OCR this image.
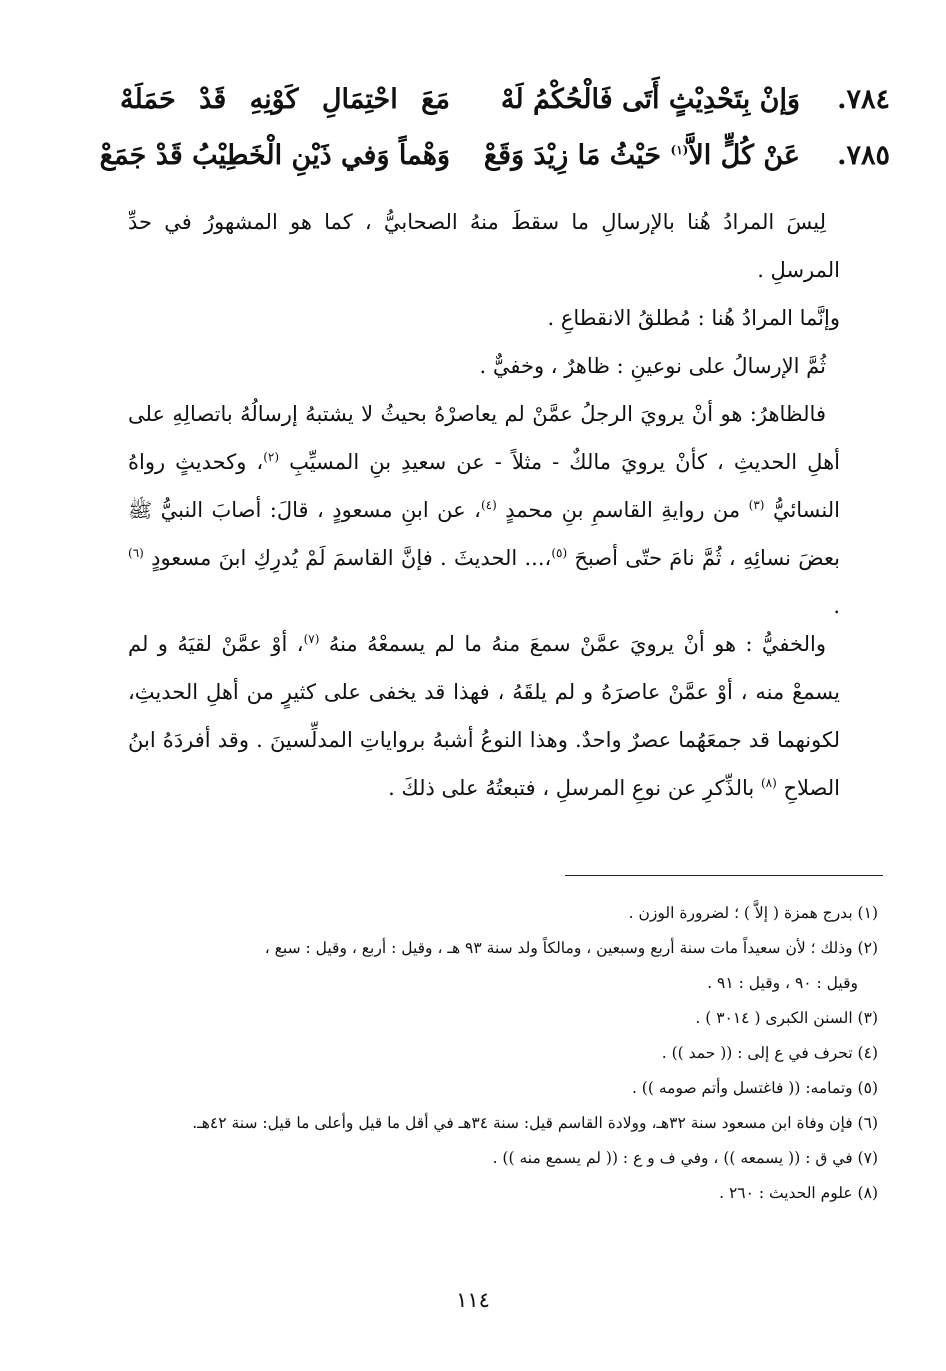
٧٨٤.
وَإنْ بِتَحْدِيْثٍ أَتَى فَالْحُكْمُ لَهْ
مَعَ احْتِمَالِ كَوْنِهِ قَدْ حَمَلَهْ
٧٨٥.
عَنْ كُلٍّ الاَّ$^{(١)}$ حَيْثُ مَا زِيْدَ وَقَعْ
وَهْماً وَفي ذَيْنِ الْخَطِيْبُ قَدْ جَمَعْ

لِيسَ المرادُ هُنا بالإرسالِ ما سقطَ منهُ الصحابيُّ ، كما هو المشهورُ في حدِّ المرسلِ .

وإنَّما المرادُ هُنا : مُطلقُ الانقطاعِ .

ثُمَّ الإرسالُ على نوعينِ : ظاهرٌ ، وخفيٌّ .

فالظاهرُ: هو أنْ يرويَ الرجلُ عمَّنْ لم يعاصرْهُ بحيثُ لا يشتبهُ إرسالُهُ باتصالِهِ على أهلِ الحديثِ ، كأنْ يرويَ مالكٌ - مثلاً - عن سعيدِ بنِ المسيِّبِ $^{(٢)}$، وكحديثٍ رواهُ النسائيُّ $^{(٣)}$ من روايةِ القاسمِ بنِ محمدٍ $^{(٤)}$، عن ابنِ مسعودٍ ، قالَ: أصابَ النبيُّ ﷺ بعضَ نسائِهِ ، ثُمَّ نامَ حتّى أصبحَ $^{(٥)}$،... الحديثَ . فإنَّ القاسمَ لَمْ يُدرِكِ ابنَ مسعودٍ $^{(٦)}$ .

والخفيُّ : هو أنْ يرويَ عمَّنْ سمعَ منهُ ما لم يسمعْهُ منهُ $^{(٧)}$، أوْ عمَّنْ لقيَهُ و لم يسمعْ منه ، أوْ عمَّنْ عاصرَهُ و لم يلقَهُ ، فهذا قد يخفى على كثيرٍ من أهلِ الحديثِ، لكونهما قد جمعَهُما عصرٌ واحدٌ. وهذا النوعُ أشبهُ برواياتِ المدلِّسينَ . وقد أفردَهُ ابنُ الصلاحِ $^{(٨)}$ بالذِّكرِ عن نوعِ المرسلِ ، فتبعتُهُ على ذلكَ .

(١) بدرج همزة ( إلاَّ ) ؛ لضرورة الوزن .

(٢) وذلك ؛ لأن سعيداً مات سنة أربع وسبعين ، ومالكاً ولد سنة ٩٣ هـ ، وقيل : أربع ، وقيل : سبع ،
وقيل : ٩٠ ، وقيل : ٩١ .

(٣) السنن الكبرى ( ٣٠١٤ ) .

(٤) تحرف في ع إلى : (( حمد )) .

(٥) وتمامه: (( فاغتسل وأتم صومه )) .

(٦) فإن وفاة ابن مسعود سنة ٣٢هـ، وولادة القاسم قيل: سنة ٣٤هـ في أقل ما قيل وأعلى ما قيل: سنة ٤٢هـ.

(٧) في ق : (( يسمعه )) ، وفي ف و ع : (( لم يسمع منه )) .

(٨) علوم الحديث : ٢٦٠ .

١١٤
